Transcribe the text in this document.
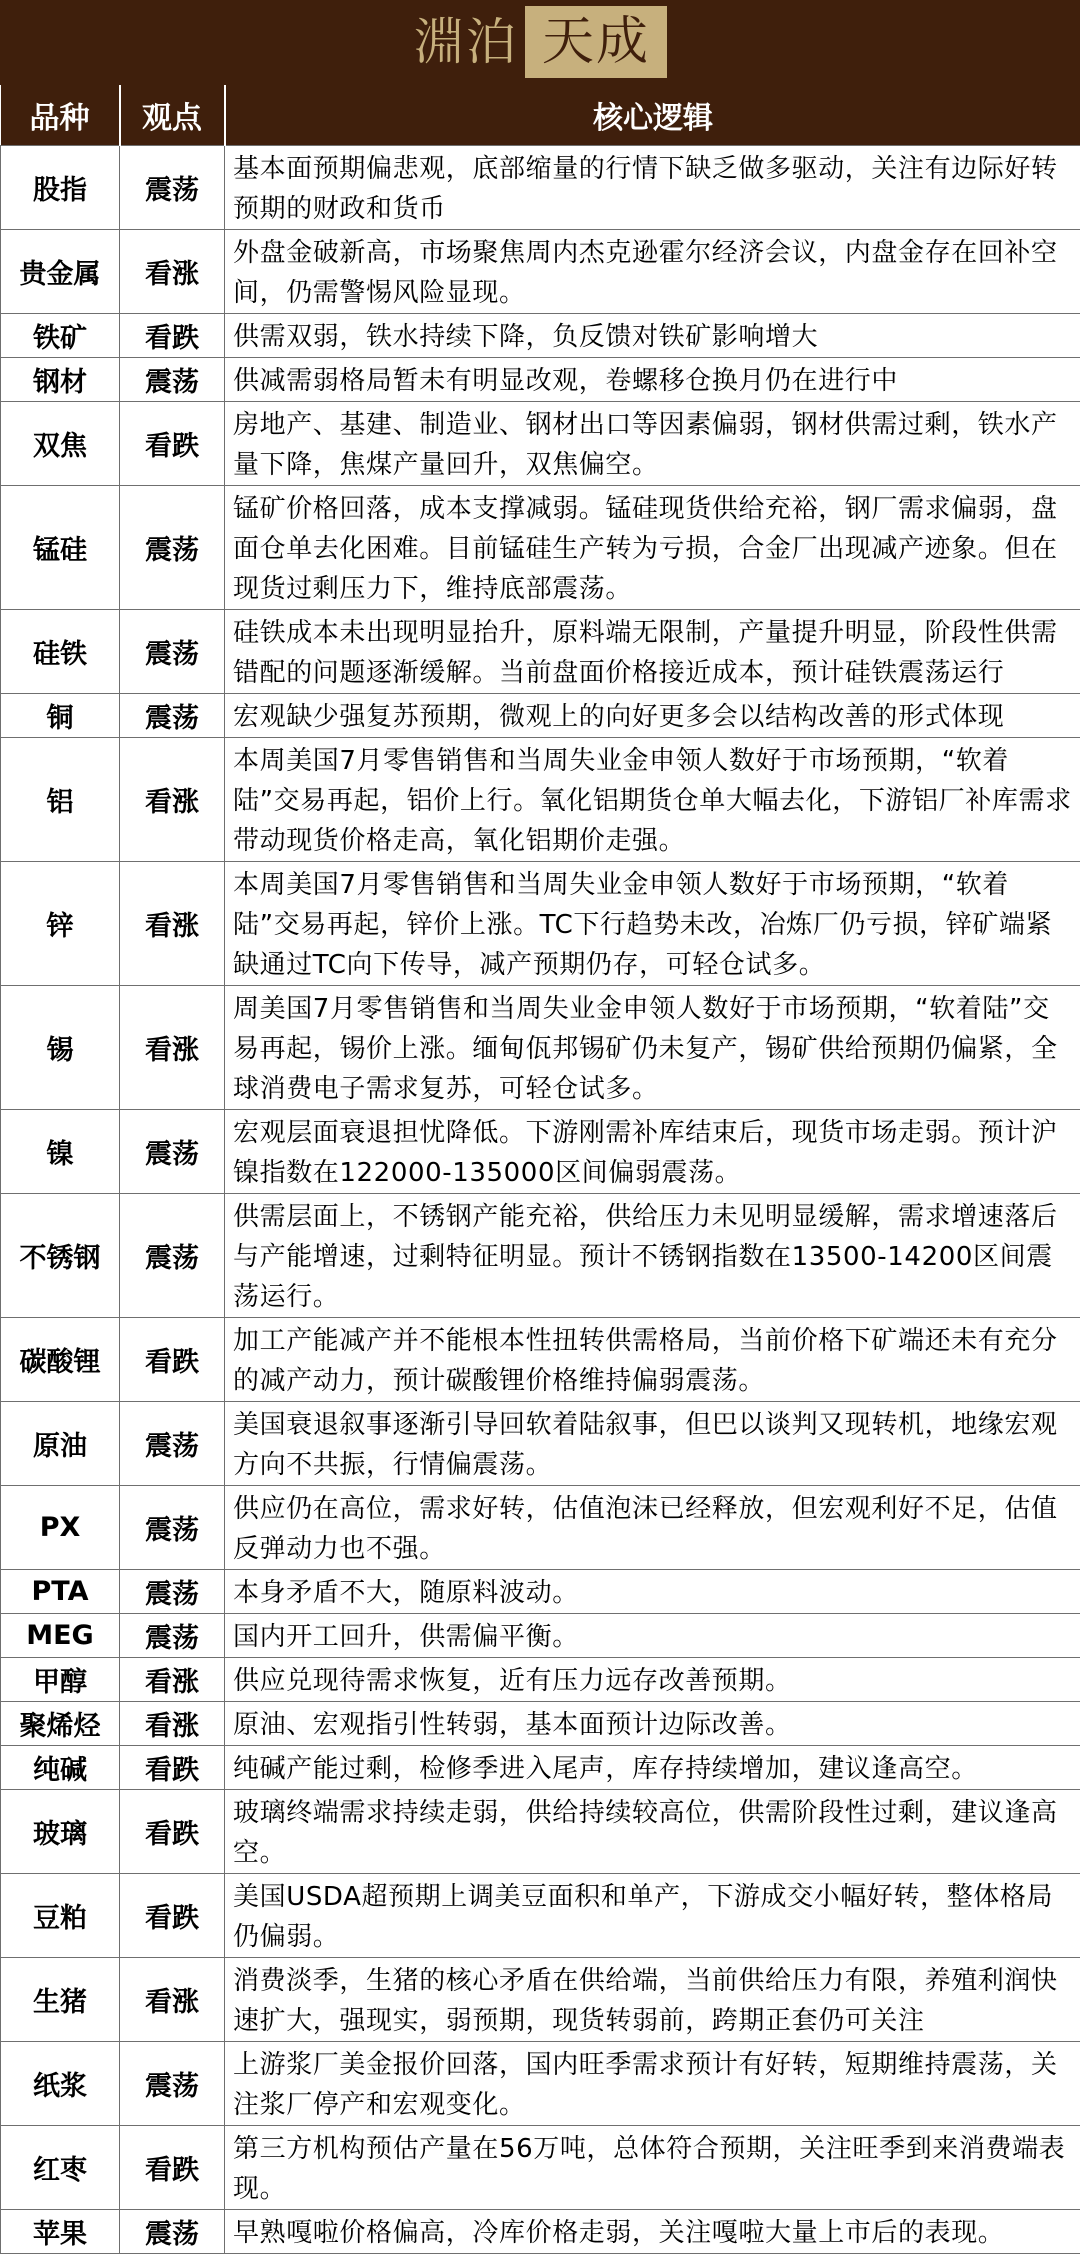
淵泊 天成
品种	观点	核心逻辑
股指	震荡	基本面预期偏悲观，底部缩量的行情下缺乏做多驱动，关注有边际好转预期的财政和货币
贵金属	看涨	外盘金破新高，市场聚焦周内杰克逊霍尔经济会议，内盘金存在回补空间，仍需警惕风险显现。
铁矿	看跌	供需双弱，铁水持续下降，负反馈对铁矿影响增大
钢材	震荡	供减需弱格局暂未有明显改观，卷螺移仓换月仍在进行中
双焦	看跌	房地产、基建、制造业、钢材出口等因素偏弱，钢材供需过剩，铁水产量下降，焦煤产量回升，双焦偏空。
锰硅	震荡	锰矿价格回落，成本支撑减弱。锰硅现货供给充裕，钢厂需求偏弱，盘面仓单去化困难。目前锰硅生产转为亏损，合金厂出现减产迹象。但在现货过剩压力下，维持底部震荡。
硅铁	震荡	硅铁成本未出现明显抬升，原料端无限制，产量提升明显，阶段性供需错配的问题逐渐缓解。当前盘面价格接近成本，预计硅铁震荡运行
铜	震荡	宏观缺少强复苏预期，微观上的向好更多会以结构改善的形式体现
铝	看涨	本周美国7月零售销售和当周失业金申领人数好于市场预期，“软着陆”交易再起，铝价上行。氧化铝期货仓单大幅去化，下游铝厂补库需求带动现货价格走高，氧化铝期价走强。
锌	看涨	本周美国7月零售销售和当周失业金申领人数好于市场预期，“软着陆”交易再起，锌价上涨。TC下行趋势未改，冶炼厂仍亏损，锌矿端紧缺通过TC向下传导，减产预期仍存，可轻仓试多。
锡	看涨	周美国7月零售销售和当周失业金申领人数好于市场预期，“软着陆”交易再起，锡价上涨。缅甸佤邦锡矿仍未复产，锡矿供给预期仍偏紧，全球消费电子需求复苏，可轻仓试多。
镍	震荡	宏观层面衰退担忧降低。下游刚需补库结束后，现货市场走弱。预计沪镍指数在122000-135000区间偏弱震荡。
不锈钢	震荡	供需层面上，不锈钢产能充裕，供给压力未见明显缓解，需求增速落后与产能增速，过剩特征明显。预计不锈钢指数在13500-14200区间震荡运行。
碳酸锂	看跌	加工产能减产并不能根本性扭转供需格局，当前价格下矿端还未有充分的减产动力，预计碳酸锂价格维持偏弱震荡。
原油	震荡	美国衰退叙事逐渐引导回软着陆叙事，但巴以谈判又现转机，地缘宏观方向不共振，行情偏震荡。
PX	震荡	供应仍在高位，需求好转，估值泡沫已经释放，但宏观利好不足，估值反弹动力也不强。
PTA	震荡	本身矛盾不大，随原料波动。
MEG	震荡	国内开工回升，供需偏平衡。
甲醇	看涨	供应兑现待需求恢复，近有压力远存改善预期。
聚烯烃	看涨	原油、宏观指引性转弱，基本面预计边际改善。
纯碱	看跌	纯碱产能过剩，检修季进入尾声，库存持续增加，建议逢高空。
玻璃	看跌	玻璃终端需求持续走弱，供给持续较高位，供需阶段性过剩，建议逢高空。
豆粕	看跌	美国USDA超预期上调美豆面积和单产，下游成交小幅好转，整体格局仍偏弱。
生猪	看涨	消费淡季，生猪的核心矛盾在供给端，当前供给压力有限，养殖利润快速扩大，强现实，弱预期，现货转弱前，跨期正套仍可关注
纸浆	震荡	上游浆厂美金报价回落，国内旺季需求预计有好转，短期维持震荡，关注浆厂停产和宏观变化。
红枣	看跌	第三方机构预估产量在56万吨，总体符合预期，关注旺季到来消费端表现。
苹果	震荡	早熟嘎啦价格偏高，冷库价格走弱，关注嘎啦大量上市后的表现。
